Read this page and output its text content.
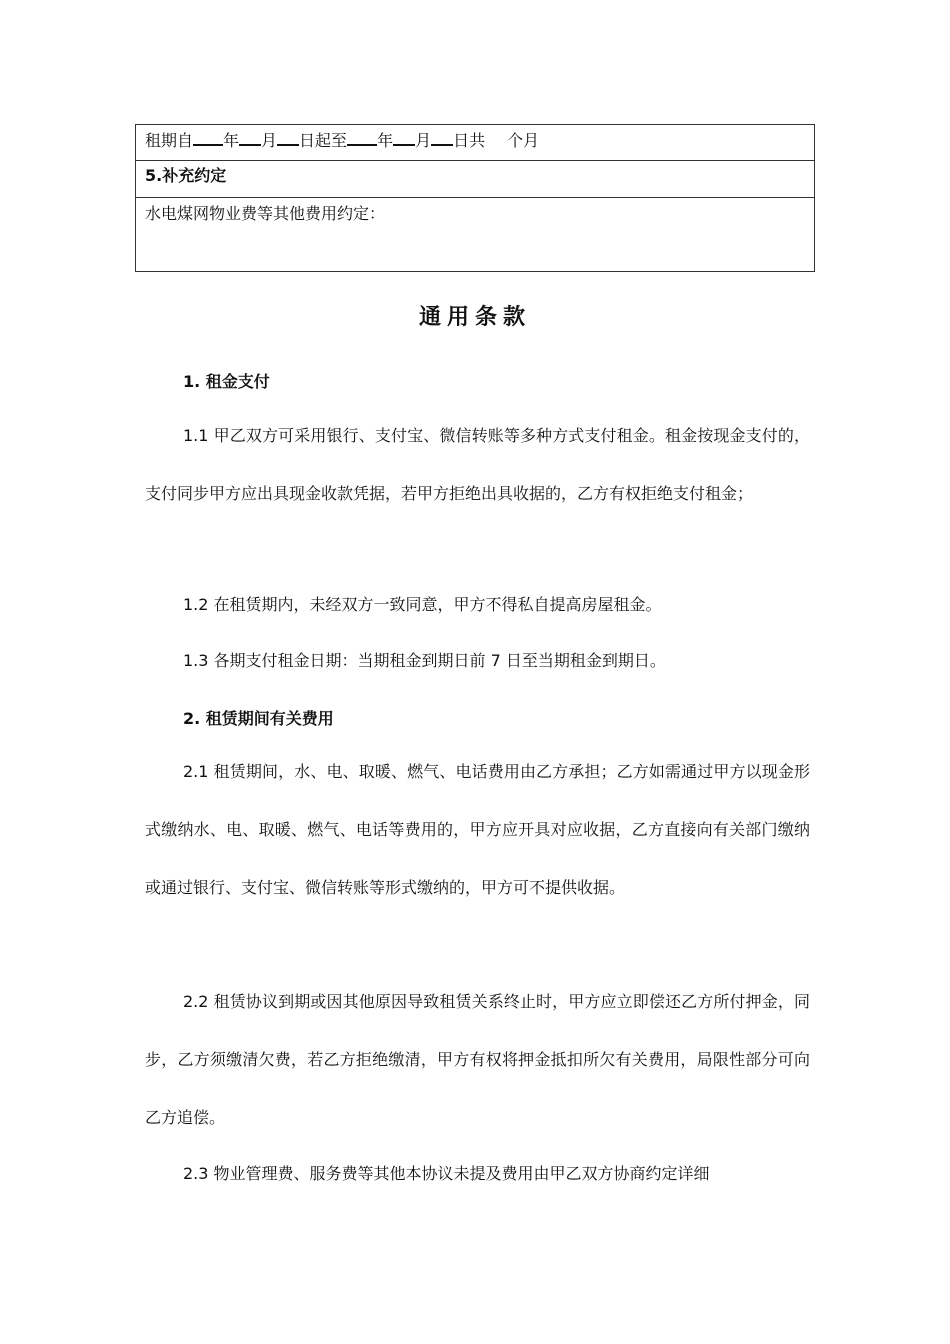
租期自 年 月 日起至 年 月 日共 个月
5.补充约定
水电煤网物业费等其他费用约定：
通用条款
1. 租金支付

1.1 甲乙双方可采用银行、支付宝、微信转账等多种方式支付租金。租金按现金支付的，支付同步甲方应出具现金收款凭据，若甲方拒绝出具收据的，乙方有权拒绝支付租金；

1.2 在租赁期内，未经双方一致同意，甲方不得私自提高房屋租金。

1.3 各期支付租金日期：当期租金到期日前 7 日至当期租金到期日。

2. 租赁期间有关费用

2.1 租赁期间，水、电、取暖、燃气、电话费用由乙方承担；乙方如需通过甲方以现金形式缴纳水、电、取暖、燃气、电话等费用的，甲方应开具对应收据，乙方直接向有关部门缴纳或通过银行、支付宝、微信转账等形式缴纳的，甲方可不提供收据。

2.2 租赁协议到期或因其他原因导致租赁关系终止时，甲方应立即偿还乙方所付押金，同步，乙方须缴清欠费，若乙方拒绝缴清，甲方有权将押金抵扣所欠有关费用，局限性部分可向乙方追偿。

2.3 物业管理费、服务费等其他本协议未提及费用由甲乙双方协商约定详细
